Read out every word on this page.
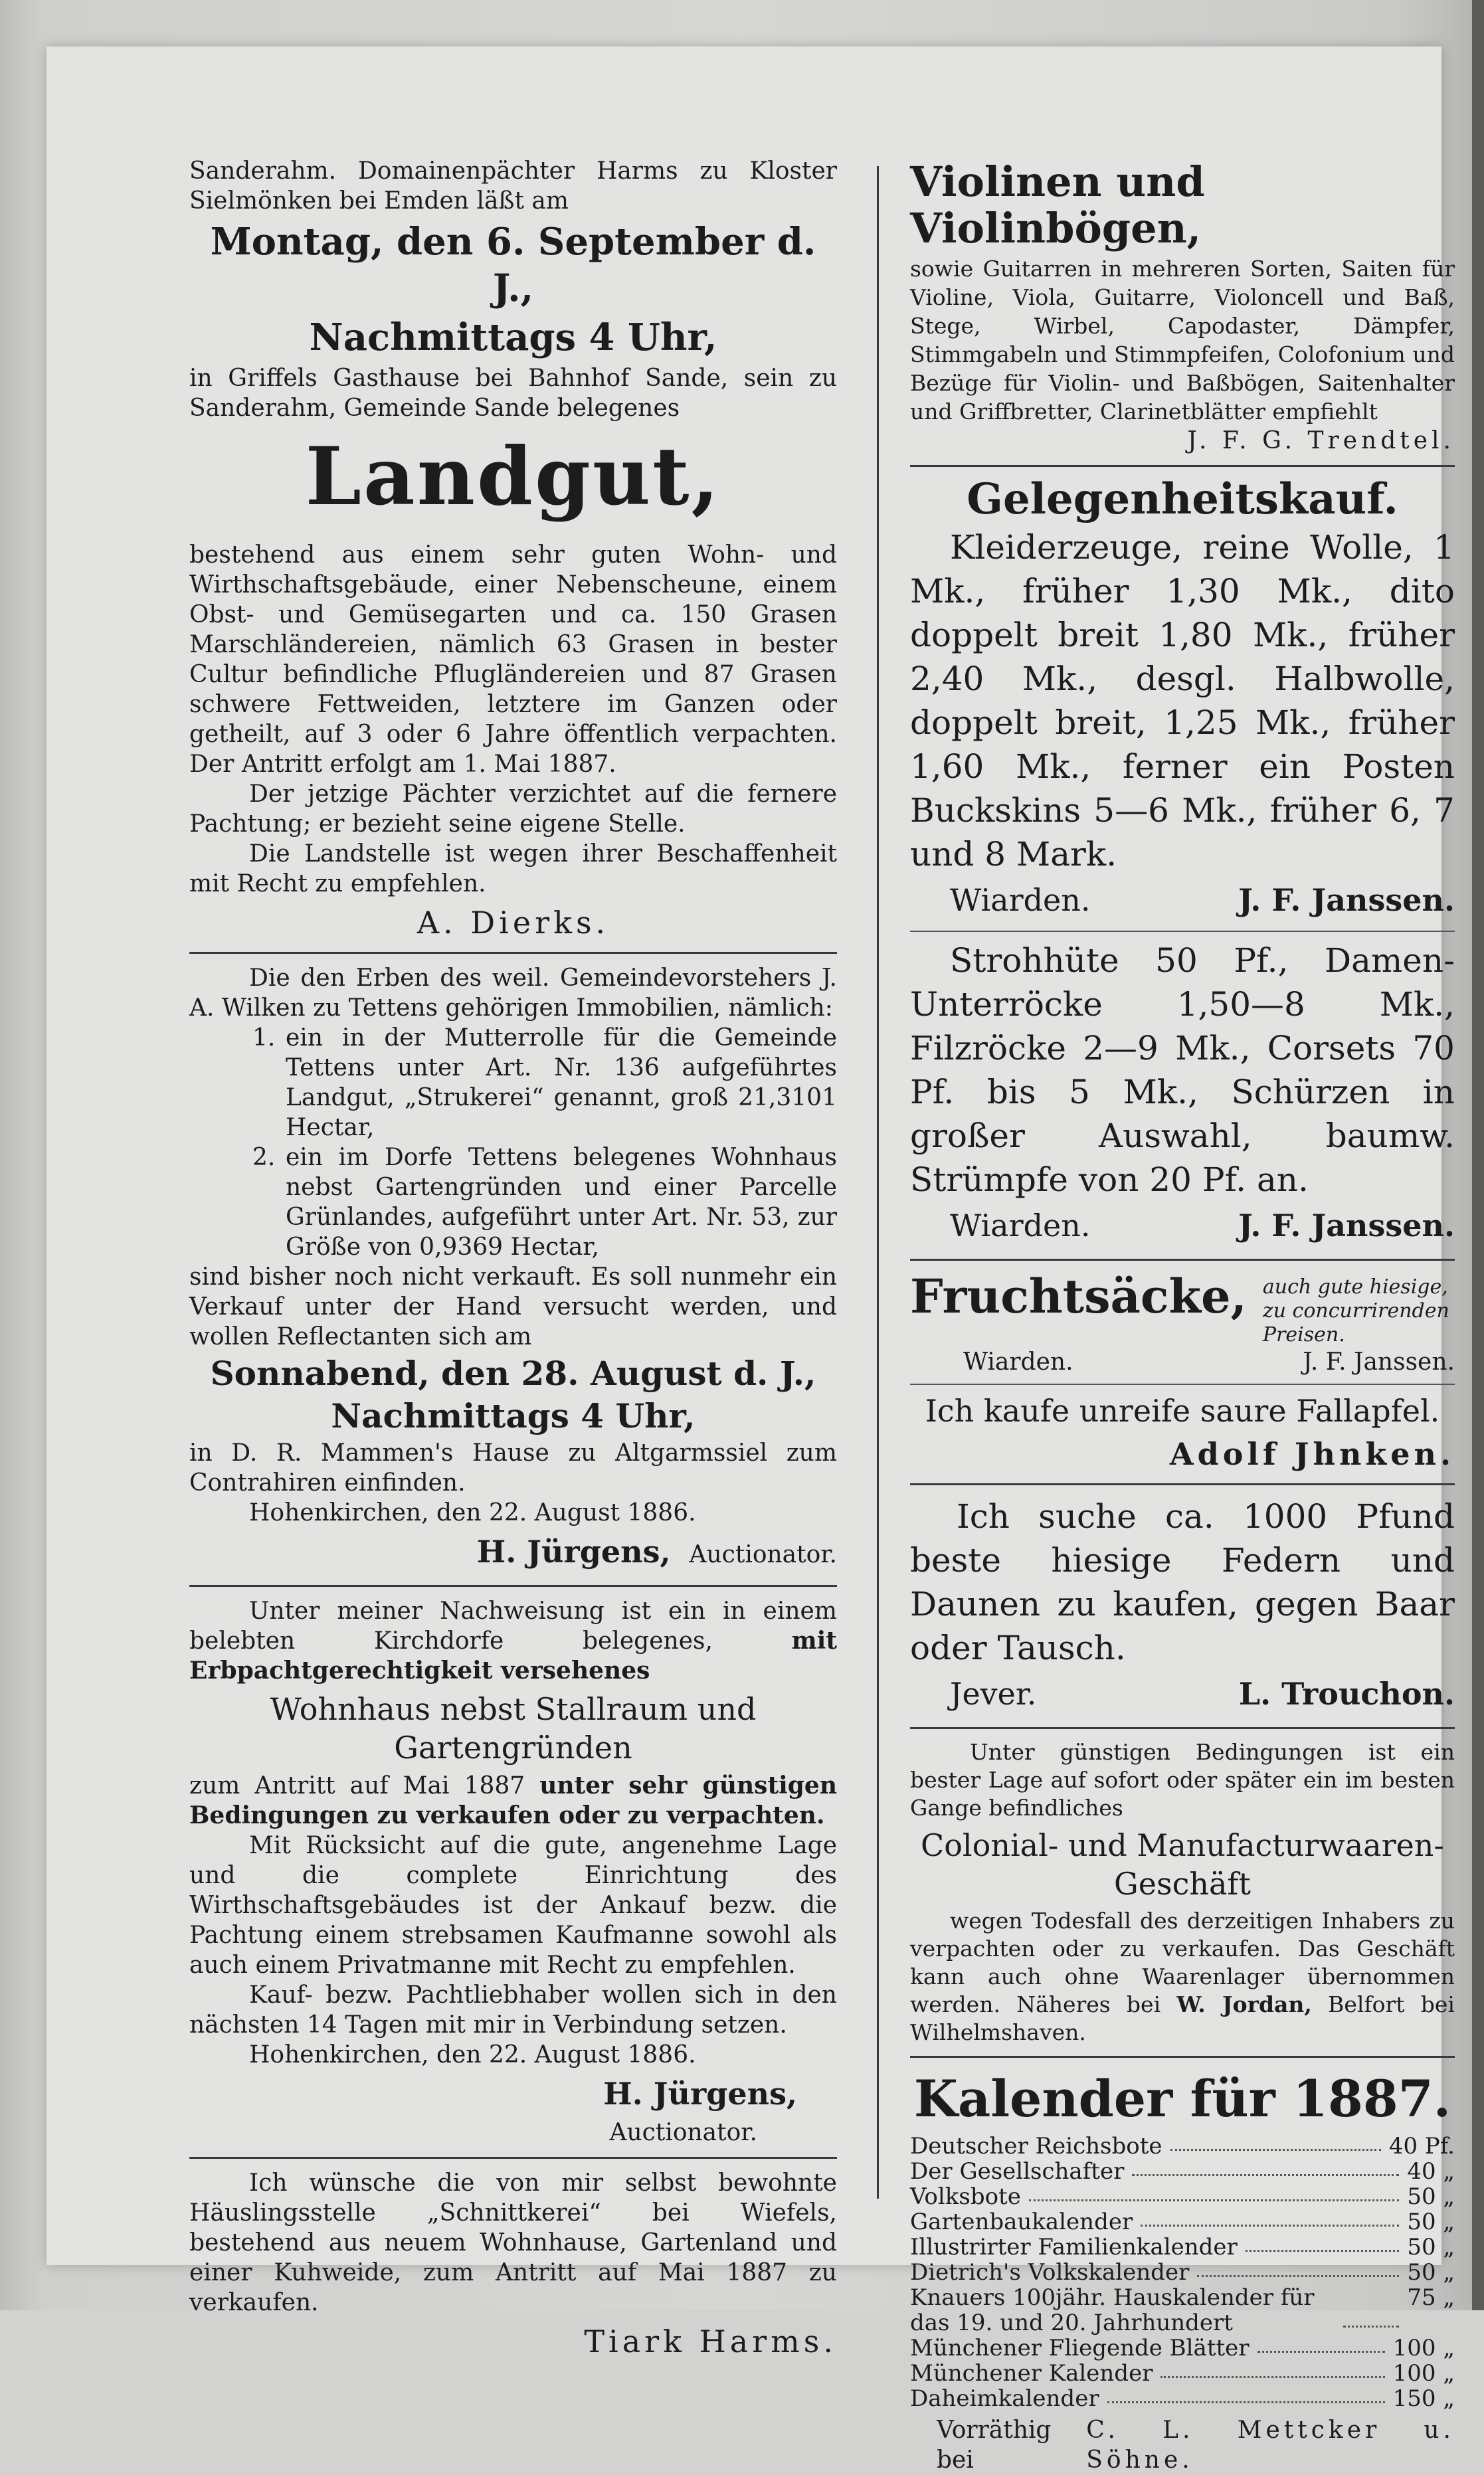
Sanderahm. Domainenpächter Harms zu Kloster Sielmönken bei Emden läßt am

Montag, den 6. September d. J.,
Nachmittags 4 Uhr,

in Griffels Gasthause bei Bahnhof Sande, sein zu Sanderahm, Gemeinde Sande belegenes

Landgut,

bestehend aus einem sehr guten Wohn- und Wirthschaftsgebäude, einer Nebenscheune, einem Obst- und Gemüsegarten und ca. 150 Grasen Marschländereien, nämlich 63 Grasen in bester Cultur befindliche Pflugländereien und 87 Grasen schwere Fettweiden, letztere im Ganzen oder getheilt, auf 3 oder 6 Jahre öffentlich verpachten. Der Antritt erfolgt am 1. Mai 1887.

Der jetzige Pächter verzichtet auf die fernere Pachtung; er bezieht seine eigene Stelle.

Die Landstelle ist wegen ihrer Beschaffenheit mit Recht zu empfehlen.

A. Dierks.

Die den Erben des weil. Gemeindevorstehers J. A. Wilken zu Tettens gehörigen Immobilien, nämlich:

1. ein in der Mutterrolle für die Gemeinde Tettens unter Art. Nr. 136 aufgeführtes Landgut, „Strukerei“ genannt, groß 21,3101 Hectar,
2. ein im Dorfe Tettens belegenes Wohnhaus nebst Gartengründen und einer Parcelle Grünlandes, aufgeführt unter Art. Nr. 53, zur Größe von 0,9369 Hectar,

sind bisher noch nicht verkauft. Es soll nunmehr ein Verkauf unter der Hand versucht werden, und wollen Reflectanten sich am

Sonnabend, den 28. August d. J.,
Nachmittags 4 Uhr,

in D. R. Mammen's Hause zu Altgarmssiel zum Contrahiren einfinden.

Hohenkirchen, den 22. August 1886.

H. Jürgens, Auctionator.

Unter meiner Nachweisung ist ein in einem belebten Kirchdorfe belegenes,	mit Erbpachtgerechtigkeit versehenes

Wohnhaus nebst Stallraum und Gartengründen

zum Antritt auf Mai 1887 unter sehr günstigen Bedingungen zu verkaufen oder zu verpachten.

Mit Rücksicht auf die gute, angenehme Lage und die complete Einrichtung des Wirthschaftsgebäudes ist der Ankauf bezw. die Pachtung einem strebsamen Kaufmanne sowohl als auch einem Privatmanne mit Recht zu empfehlen.

Kauf- bezw. Pachtliebhaber wollen sich in den nächsten 14 Tagen mit mir in Verbindung setzen.

Hohenkirchen, den 22. August 1886.

H. Jürgens,
Auctionator.

Ich wünsche die von mir selbst bewohnte Häuslingsstelle „Schnittkerei“ bei Wiefels, bestehend aus neuem Wohnhause, Gartenland und einer Kuhweide, zum Antritt auf Mai 1887 zu verkaufen.

Tiark Harms.
Violinen und Violinbögen,

sowie Guitarren in mehreren Sorten, Saiten für Violine, Viola, Guitarre, Violoncell und Baß, Stege, Wirbel, Capodaster, Dämpfer, Stimmgabeln und Stimmpfeifen, Colofonium und Bezüge für Violin- und Baßbögen, Saitenhalter und Griffbretter, Clarinetblätter empfiehlt

J. F. G. Trendtel.
Gelegenheitskauf.

Kleiderzeuge, reine Wolle, 1 Mk., früher 1,30 Mk., dito doppelt breit 1,80 Mk., früher 2,40 Mk., desgl. Halbwolle, doppelt breit, 1,25 Mk., früher 1,60 Mk., ferner ein Posten Buckskins 5—6 Mk., früher 6, 7 und 8 Mark.

Wiarden.	J. F. Janssen.

Strohhüte 50 Pf., Damen-Unterröcke 1,50—8 Mk., Filzröcke 2—9 Mk., Corsets 70 Pf. bis 5 Mk., Schürzen in großer Auswahl, baumw. Strümpfe von 20 Pf. an.

Wiarden.	J. F. Janssen.
Fruchtsäcke, auch gute hiesige, zu concurrirenden Preisen.
Wiarden.	J. F. Janssen.
Ich kaufe unreife saure Fallapfel.
Adolf Jhnken.

Ich suche ca. 1000 Pfund beste hiesige Federn und Daunen zu kaufen, gegen Baar oder Tausch.

Jever.	L. Trouchon.

Unter günstigen Bedingungen ist ein bester Lage auf sofort oder später ein im besten Gange befindliches

Colonial- und Manufacturwaaren-Geschäft

wegen Todesfall des derzeitigen Inhabers zu verpachten oder zu verkaufen. Das Geschäft kann auch ohne Waarenlager übernommen werden. Näheres bei W. Jordan, Belfort bei Wilhelmshaven.

Kalender für 1887.
Deutscher Reichsbote	40 Pf.
Der Gesellschafter	40 „
Volksbote	50 „
Gartenbaukalender	50 „
Illustrirter Familienkalender	50 „
Dietrich's Volkskalender	50 „
Knauers 100jähr. Hauskalender für das 19. und 20. Jahrhundert
75 „
Münchener Fliegende Blätter	100 „
Münchener Kalender	100 „
Daheimkalender	150 „
Vorräthig bei
C. L. Mettcker u. Söhne.
